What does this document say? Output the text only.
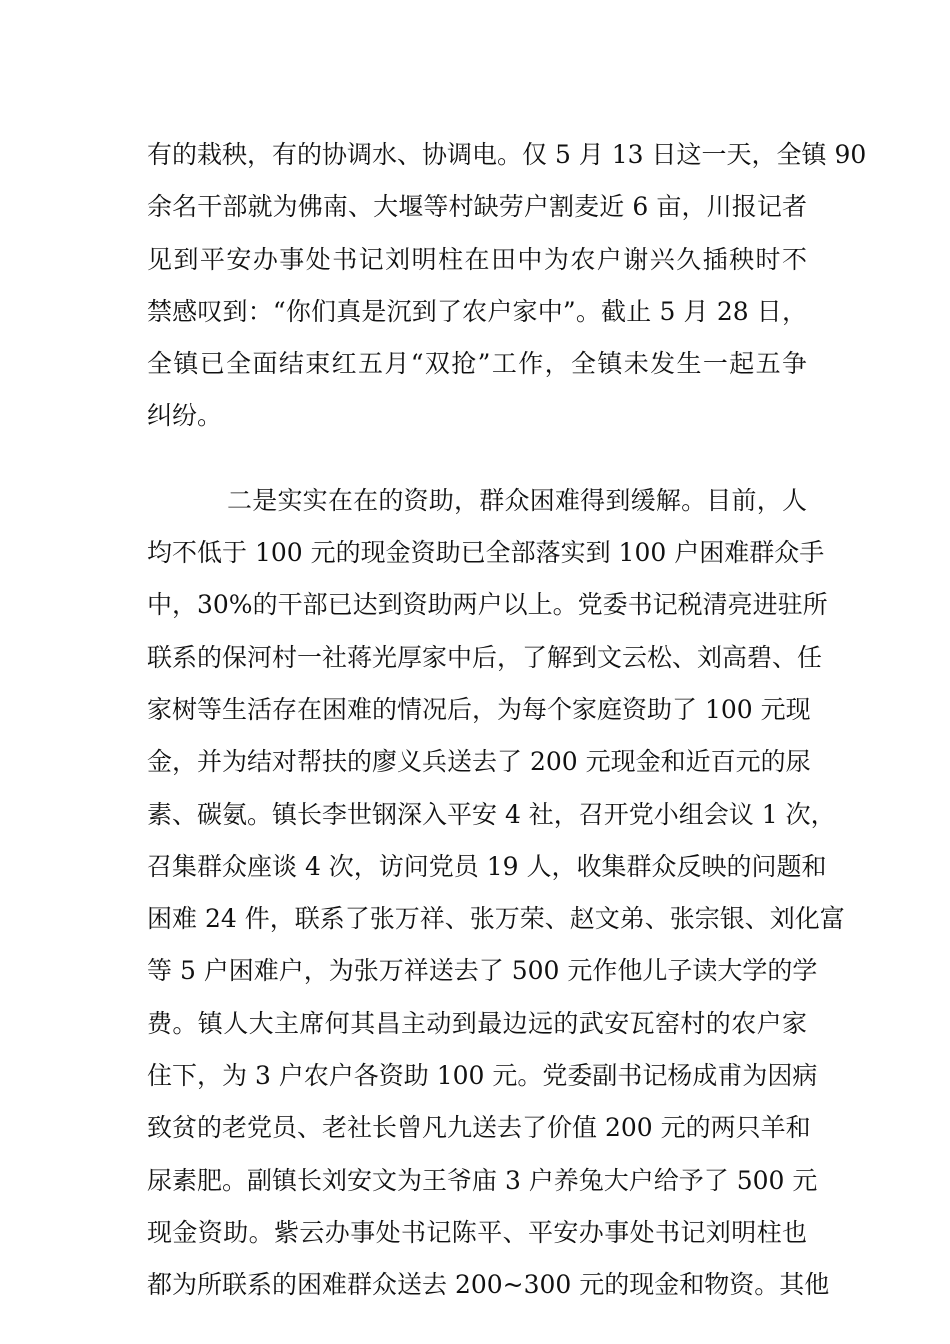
有的栽秧，有的协调水、协调电。仅 5 月 13 日这一天，全镇 90
余名干部就为佛南、大堰等村缺劳户割麦近 6 亩，川报记者
见到平安办事处书记刘明柱在田中为农户谢兴久插秧时不
禁感叹到：“你们真是沉到了农户家中”。截止 5 月 28 日，
全镇已全面结束红五月“双抢”工作，全镇未发生一起五争
纠纷。
二是实实在在的资助，群众困难得到缓解。目前，人
均不低于 100 元的现金资助已全部落实到 100 户困难群众手
中，30%的干部已达到资助两户以上。党委书记税清亮进驻所
联系的保河村一社蒋光厚家中后，了解到文云松、刘高碧、任
家树等生活存在困难的情况后，为每个家庭资助了 100 元现
金，并为结对帮扶的廖义兵送去了 200 元现金和近百元的尿
素、碳氨。镇长李世钢深入平安 4 社，召开党小组会议 1 次，
召集群众座谈 4 次，访问党员 19 人，收集群众反映的问题和
困难 24 件，联系了张万祥、张万荣、赵文弟、张宗银、刘化富
等 5 户困难户，为张万祥送去了 500 元作他儿子读大学的学
费。镇人大主席何其昌主动到最边远的武安瓦窑村的农户家
住下，为 3 户农户各资助 100 元。党委副书记杨成甫为因病
致贫的老党员、老社长曾凡九送去了价值 200 元的两只羊和
尿素肥。副镇长刘安文为王爷庙 3 户养兔大户给予了 500 元
现金资助。紫云办事处书记陈平、平安办事处书记刘明柱也
都为所联系的困难群众送去 200~300 元的现金和物资。其他
